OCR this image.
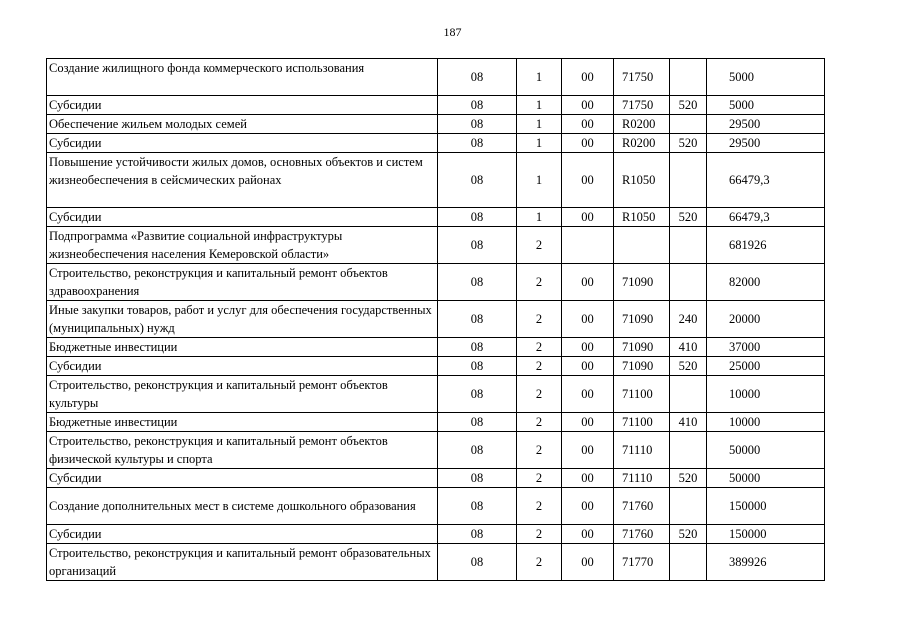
187
Создание жилищного фонда коммерческого использования	08	1	00	71750		5000
Субсидии	08	1	00	71750	520	5000
Обеспечение жильем молодых семей	08	1	00	R0200		29500
Субсидии	08	1	00	R0200	520	29500
Повышение устойчивости жилых домов, основных объектов и систем жизнеобеспечения в сейсмических районах	08	1	00	R1050		66479,3
Субсидии	08	1	00	R1050	520	66479,3
Подпрограмма «Развитие социальной инфраструктуры жизнеобеспечения населения Кемеровской области»	08	2				681926
Строительство, реконструкция и капитальный ремонт объектов здравоохранения	08	2	00	71090		82000
Иные закупки товаров, работ и услуг для обеспечения государственных (муниципальных) нужд	08	2	00	71090	240	20000
Бюджетные инвестиции	08	2	00	71090	410	37000
Субсидии	08	2	00	71090	520	25000
Строительство, реконструкция и капитальный ремонт объектов культуры	08	2	00	71100		10000
Бюджетные инвестиции	08	2	00	71100	410	10000
Строительство, реконструкция и капитальный ремонт объектов физической культуры и спорта	08	2	00	71110		50000
Субсидии	08	2	00	71110	520	50000
Создание дополнительных мест в системе дошкольного образования	08	2	00	71760		150000
Субсидии	08	2	00	71760	520	150000
Строительство, реконструкция и капитальный ремонт образовательных организаций	08	2	00	71770		389926
